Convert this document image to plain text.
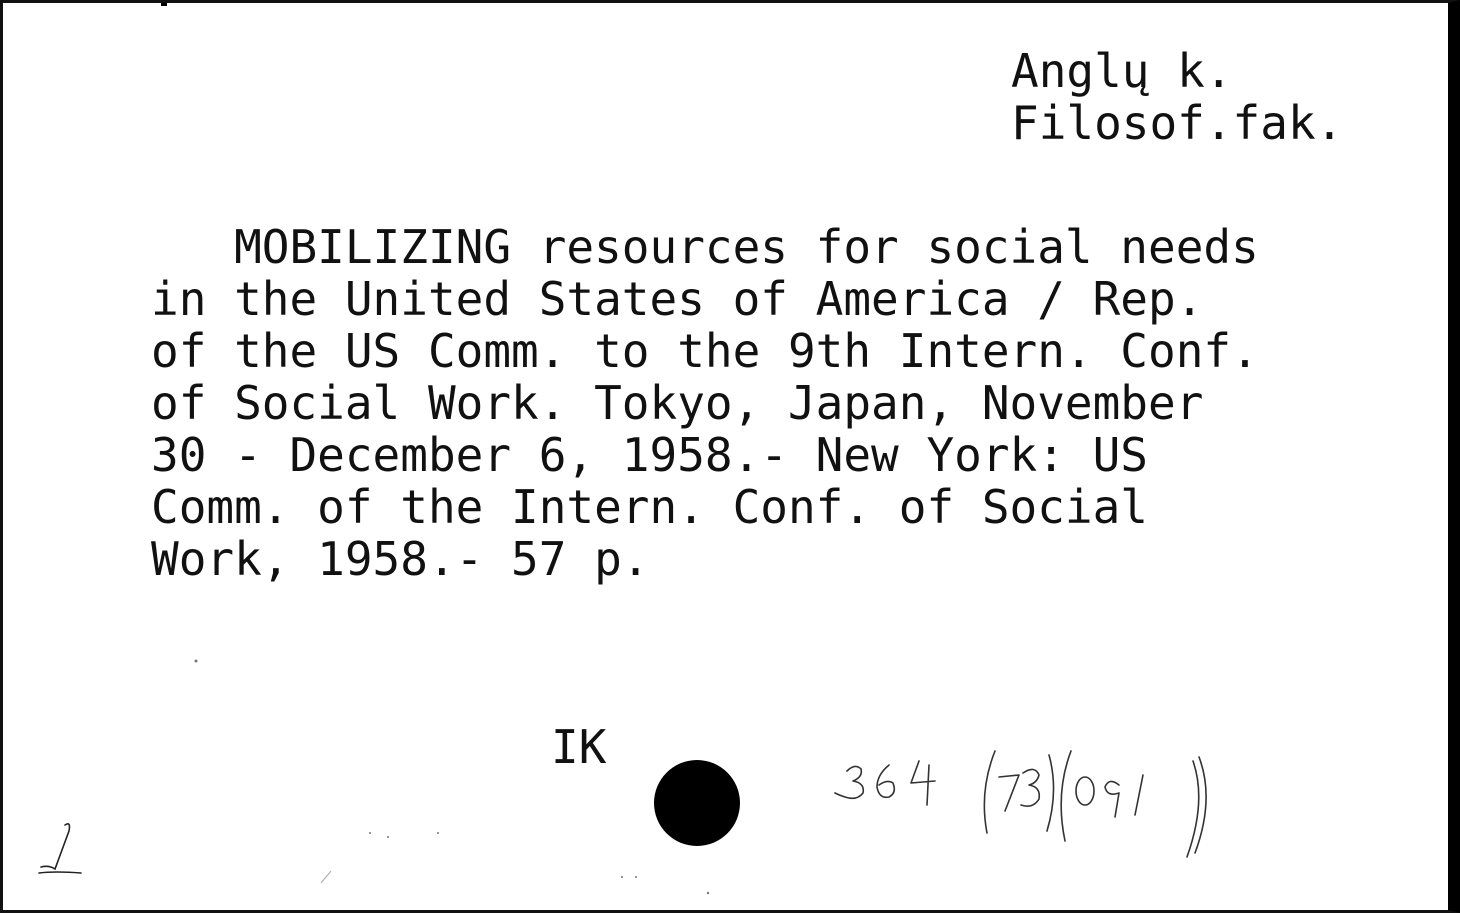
Anglų k.
Filosof.fak.
MOBILIZING resources for social needs
in the United States of America / Rep.
of the US Comm. to the 9th Intern. Conf.
of Social Work. Tokyo, Japan, November
30 - December 6, 1958.- New York: US
Comm. of the Intern. Conf. of Social
Work, 1958.- 57 p.
IK
